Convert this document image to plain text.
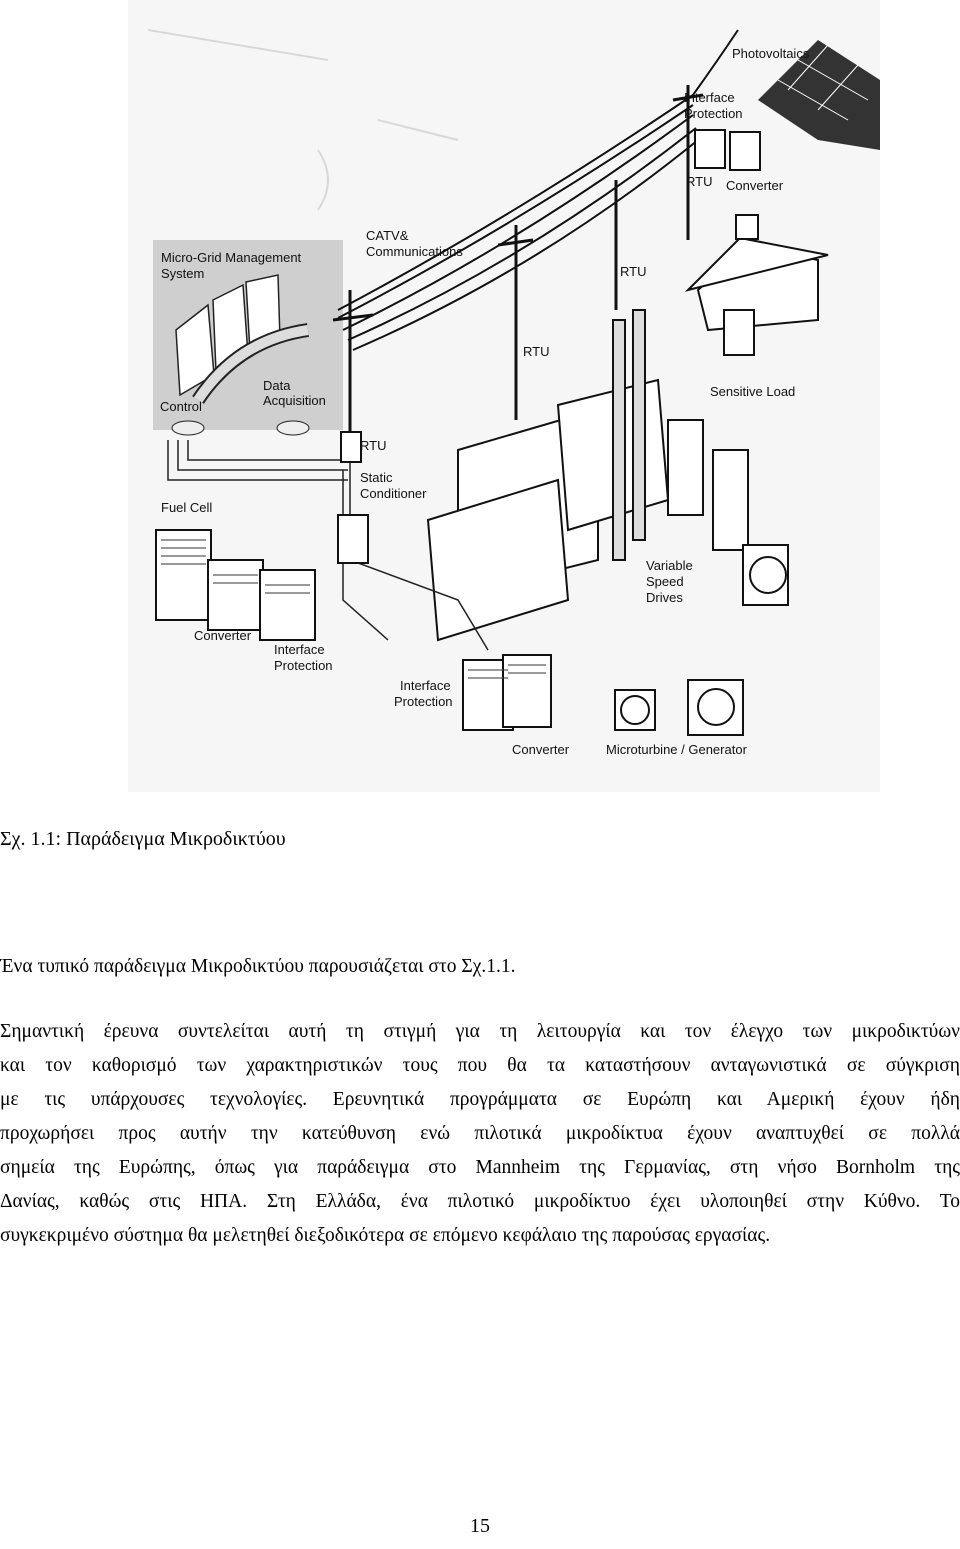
Photovoltaics
Interface
Protection
RTU Converter
CATV&
Communications
Micro-Grid Management
System	RTU
RTU
Sensitive Load
Data
Acquisition
Control
RTU
Static
Conditioner
Fuel Cell
Variable
Speed
Drives
Converter
Interface
Protection
Interface
Protection
Converter	Microturbine / Generator
Σχ. 1.1: Παράδειγμα Μικροδικτύου
Ένα τυπικό παράδειγμα Μικροδικτύου παρουσιάζεται στο Σχ.1.1.
Σημαντική έρευνα συντελείται αυτή τη στιγμή για τη λειτουργία και τον έλεγχο των μικροδικτύων
και τον καθορισμό των χαρακτηριστικών τους που θα τα καταστήσουν ανταγωνιστικά σε σύγκριση
με τις υπάρχουσες τεχνολογίες. Ερευνητικά προγράμματα σε Ευρώπη και Αμερική έχουν ήδη
προχωρήσει προς αυτήν την κατεύθυνση ενώ πιλοτικά μικροδίκτυα έχουν αναπτυχθεί σε πολλά
σημεία της Ευρώπης, όπως για παράδειγμα στο Mannheim της Γερμανίας, στη νήσο Bornholm της
Δανίας, καθώς στις ΗΠΑ. Στη Ελλάδα, ένα πιλοτικό μικροδίκτυο έχει υλοποιηθεί στην Κύθνο. Το
συγκεκριμένο σύστημα θα μελετηθεί διεξοδικότερα σε επόμενο κεφάλαιο της παρούσας εργασίας.
15
